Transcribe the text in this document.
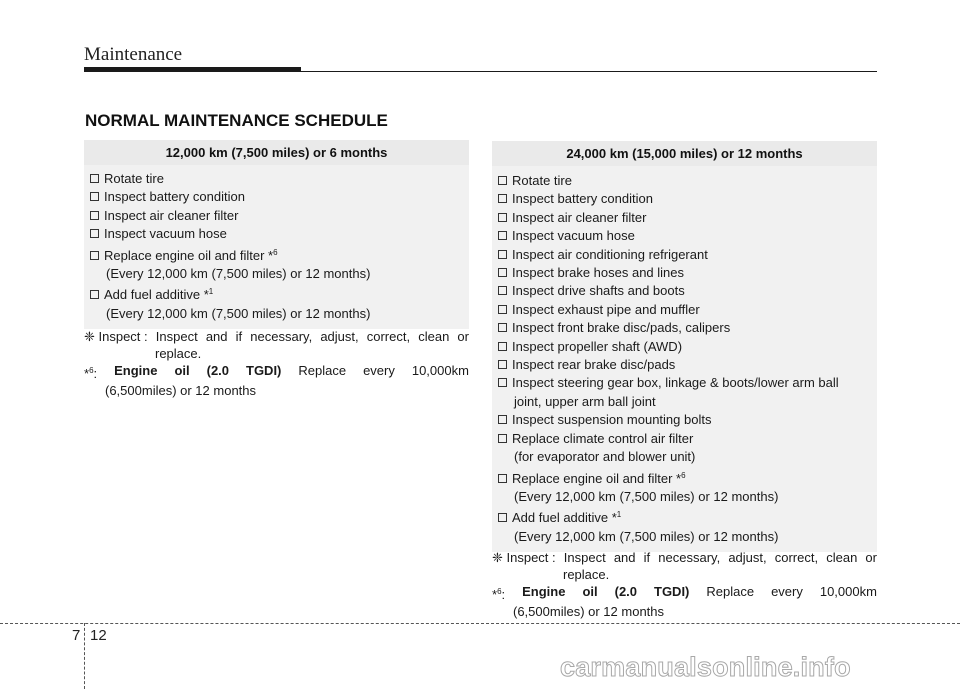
Maintenance
NORMAL MAINTENANCE SCHEDULE
12,000 km (7,500 miles) or 6 months
Rotate tire
Inspect battery condition
Inspect air cleaner filter
Inspect vacuum hose
Replace engine oil and filter *$^6$
(Every 12,000 km (7,500 miles) or 12 months)
Add fuel additive *$^1$
(Every 12,000 km (7,500 miles) or 12 months)
24,000 km (15,000 miles) or 12 months
Rotate tire
Inspect battery condition
Inspect air cleaner filter
Inspect vacuum hose
Inspect air conditioning refrigerant
Inspect brake hoses and lines
Inspect drive shafts and boots
Inspect exhaust pipe and muffler
Inspect front brake disc/pads, calipers
Inspect propeller shaft (AWD)
Inspect rear brake disc/pads
Inspect steering gear box, linkage & boots/lower arm ball
joint, upper arm ball joint
Inspect suspension mounting bolts
Replace climate control air filter
(for evaporator and blower unit)
Replace engine oil and filter *$^6$
(Every 12,000 km (7,500 miles) or 12 months)
Add fuel additive *$^1$
(Every 12,000 km (7,500 miles) or 12 months)
❈ Inspect : Inspect and if necessary, adjust, correct, clean or
replace.
*$^6$: Engine oil (2.0 TGDI) Replace every 10,000km
(6,500miles) or 12 months
❈ Inspect : Inspect and if necessary, adjust, correct, clean or
replace.
*$^6$: Engine oil (2.0 TGDI) Replace every 10,000km
(6,500miles) or 12 months
7 12
carmanualsonline.info
